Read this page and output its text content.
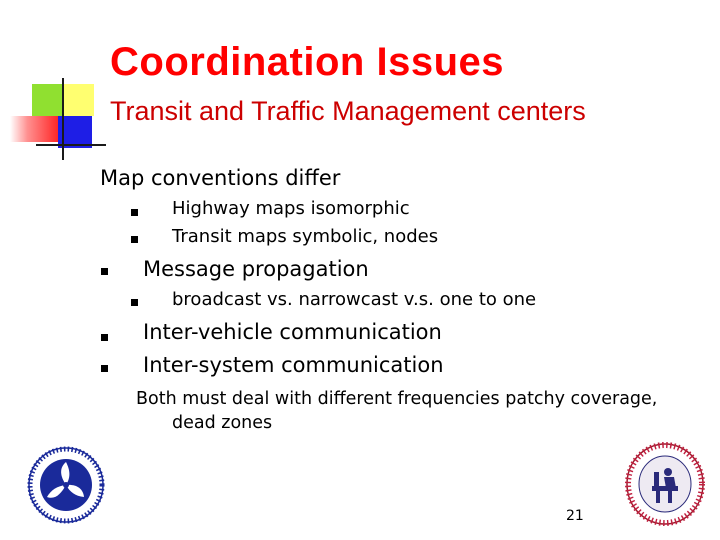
Coordination Issues
Transit and Traffic Management centers
Map conventions differ
Highway maps isomorphic
Transit maps symbolic, nodes
Message propagation
broadcast vs. narrowcast v.s. one to one
Inter-vehicle communication
Inter-system communication
Both must deal with different frequencies patchy coverage,
dead zones
21
